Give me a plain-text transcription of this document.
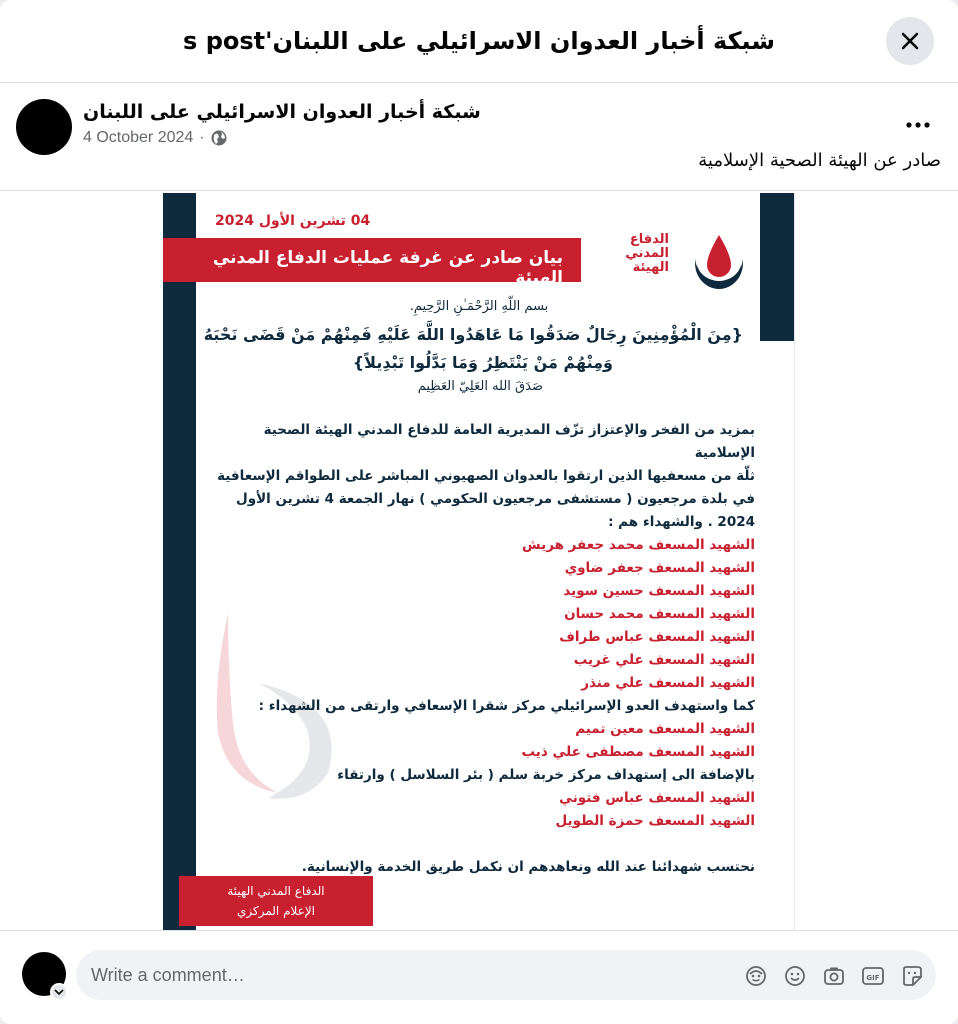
شبكة أخبار العدوان الاسرائيلي على اللبنان's post
شبكة أخبار العدوان الاسرائيلي على اللبنان
4 October 2024 ·
صادر عن الهيئة الصحية الإسلامية
04 تشرين الأول 2024
بيان صادر عن غرفة عمليات الدفاع المدني الهيئة
الدفاع
المدني
الهيئة
بسم اللّهِ الرَّحْمَـٰنِ الرَّحِيمِ.
{مِنَ الْمُؤْمِنِينَ رِجَالٌ صَدَقُوا مَا عَاهَدُوا اللَّهَ عَلَيْهِ فَمِنْهُمْ مَنْ قَضَى نَحْبَهُ
وَمِنْهُمْ مَنْ يَنْتَظِرُ وَمَا بَدَّلُوا تَبْدِيلاً}
صَدَقَ الله العَلِيّ العَظِيم
بمزيد من الفخر والإعتزاز تزّف المديرية العامة للدفاع المدني الهيئة الصحية الإسلامية
ثلّة من مسعفيها الذين ارتقوا بالعدوان الصهيوني المباشر على الطواقم الإسعافية
في بلدة مرجعيون ( مستشفى مرجعيون الحكومي ) نهار الجمعة 4 تشرين الأول
2024 . والشهداء هم :
الشهيد المسعف محمد جعفر هريش
الشهيد المسعف جعفر ضاوي
الشهيد المسعف حسين سويد
الشهيد المسعف محمد حسان
الشهيد المسعف عباس طراف
الشهيد المسعف علي غريب
الشهيد المسعف علي منذر
كما واستهدف العدو الإسرائيلي مركز شقرا الإسعافي وارتقى من الشهداء :
الشهيد المسعف معين تميم
الشهيد المسعف مصطفى علي ذيب
بالإضافة الى إستهداف مركز خربة سلم ( بئر السلاسل ) وارتقاء
الشهيد المسعف عباس فتوني
الشهيد المسعف حمزة الطويل
نحتسب شهدائنا عند الله ونعاهدهم ان نكمل طريق الخدمة والإنسانية.
الدفاع المدني الهيئة
الإعلام المركزي
Write a comment…
GIF
